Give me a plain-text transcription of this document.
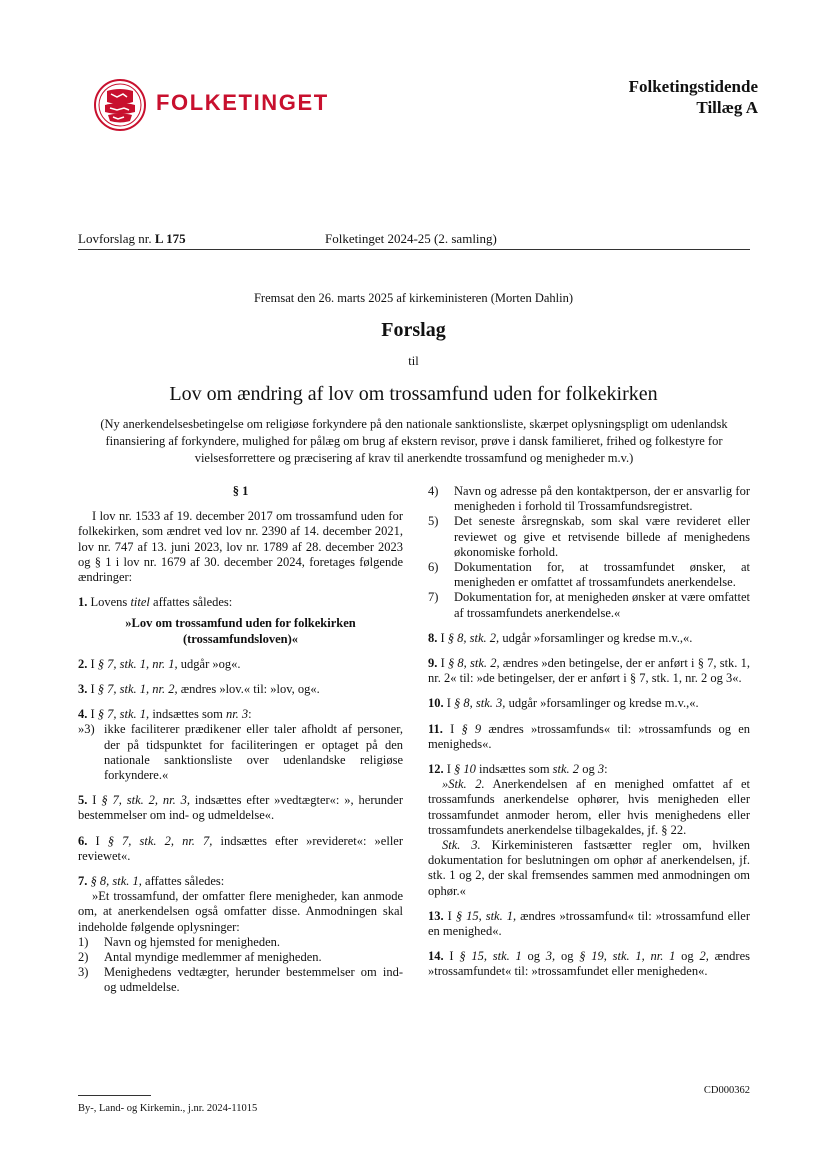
FOLKETINGET
Folketingstidende
Tillæg A
Lovforslag nr. L 175	Folketinget 2024-25 (2. samling)
Fremsat den 26. marts 2025 af kirkeministeren (Morten Dahlin)
Forslag
til
Lov om ændring af lov om trossamfund uden for folkekirken
(Ny anerkendelsesbetingelse om religiøse forkyndere på den nationale sanktionsliste, skærpet oplysningspligt om udenlandsk finansiering af forkyndere, mulighed for pålæg om brug af ekstern revisor, prøve i dansk familieret, frihed og folkestyre for vielsesforrettere og præcisering af krav til anerkendte trossamfund og menigheder m.v.)

§ 1

I lov nr. 1533 af 19. december 2017 om trossamfund uden for folkekirken, som ændret ved lov nr. 2390 af 14. december 2021, lov nr. 747 af 13. juni 2023, lov nr. 1789 af 28. december 2023 og § 1 i lov nr. 1679 af 30. december 2024, foretages følgende ændringer:

1. Lovens titel affattes således:

»Lov om trossamfund uden for folkekirken (trossamfundsloven)«

2. I § 7, stk. 1, nr. 1, udgår »og«.

3. I § 7, stk. 1, nr. 2, ændres »lov.« til: »lov, og«.

4. I § 7, stk. 1, indsættes som nr. 3:

»3) ikke faciliterer prædikener eller taler afholdt af personer, der på tidspunktet for faciliteringen er optaget på den nationale sanktionsliste over udenlandske religiøse forkyndere.«

5. I § 7, stk. 2, nr. 3, indsættes efter »vedtægter«: », herunder bestemmelser om ind- og udmeldelse«.

6. I § 7, stk. 2, nr. 7, indsættes efter »revideret«: »eller reviewet«.

7. § 8, stk. 1, affattes således:

»Et trossamfund, der omfatter flere menigheder, kan anmode om, at anerkendelsen også omfatter disse. Anmodningen skal indeholde følgende oplysninger:

1)	Navn og hjemsted for menigheden.
2)	Antal myndige medlemmer af menigheden.
3)	Menighedens vedtægter, herunder bestemmelser om ind- og udmeldelse.
4)	Navn og adresse på den kontaktperson, der er ansvarlig for menigheden i forhold til Trossamfundsregistret.
5)	Det seneste årsregnskab, som skal være revideret eller reviewet og give et retvisende billede af menighedens økonomiske forhold.
6)	Dokumentation for, at trossamfundet ønsker, at menigheden er omfattet af trossamfundets anerkendelse.
7)	Dokumentation for, at menigheden ønsker at være omfattet af trossamfundets anerkendelse.«

8. I § 8, stk. 2, udgår »forsamlinger og kredse m.v.,«.

9. I § 8, stk. 2, ændres »den betingelse, der er anført i § 7, stk. 1, nr. 2« til: »de betingelser, der er anført i § 7, stk. 1, nr. 2 og 3«.

10. I § 8, stk. 3, udgår »forsamlinger og kredse m.v.,«.

11. I § 9 ændres »trossamfunds« til: »trossamfunds og en menigheds«.

12. I § 10 indsættes som stk. 2 og 3:

»Stk. 2. Anerkendelsen af en menighed omfattet af et trossamfunds anerkendelse ophører, hvis menigheden eller trossamfundet anmoder herom, eller hvis menighedens eller trossamfundets anerkendelse tilbagekaldes, jf. § 22.

Stk. 3. Kirkeministeren fastsætter regler om, hvilken dokumentation for beslutningen om ophør af anerkendelsen, jf. stk. 1 og 2, der skal fremsendes sammen med anmodningen om ophør.«

13. I § 15, stk. 1, ændres »trossamfund« til: »trossamfund eller en menighed«.

14. I § 15, stk. 1 og 3, og § 19, stk. 1, nr. 1 og 2, ændres »trossamfundet« til: »trossamfundet eller menigheden«.

CD000362
By-, Land- og Kirkemin., j.nr. 2024-11015
